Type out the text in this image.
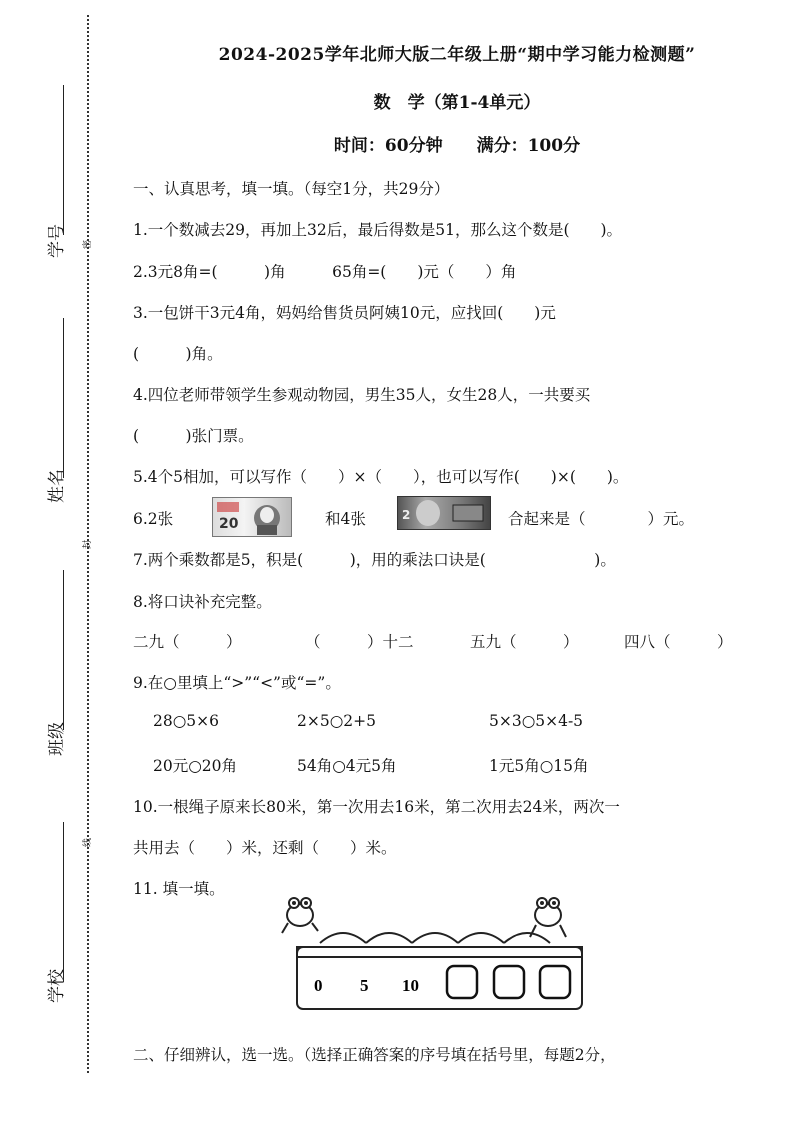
学号
姓名
班级
学校
密
封
线
2024-2025学年北师大版二年级上册“期中学习能力检测题”
数　学（第1-4单元）
时间：60分钟　　满分：100分
一、认真思考，填一填。（每空1分，共29分）
1.一个数减去29，再加上32后，最后得数是51，那么这个数是(　　)。
2.3元8角=(　　　)角　　　65角=(　　)元（　　）角
3.一包饼干3元4角，妈妈给售货员阿姨10元，应找回(　　)元
(　　　)角。
4.四位老师带领学生参观动物园，男生35人，女生28人，一共要买
(　　　)张门票。
5.4个5相加，可以写作（　　）×（　　），也可以写作(　　)×(　　)。
6.2张	20	和4张	2	合起来是（　　　　）元。
7.两个乘数都是5，积是(　　　)，用的乘法口诀是(　　　　　　　)。
8.将口诀补充完整。
二九（　　　）	（　　　）十二	五九（　　　）	四八（　　　）
9.在○里填上“>”“<”或“=”。
28○5×6	2×5○2+5	5×3○5×4-5
20元○20角	54角○4元5角	1元5角○15角
10.一根绳子原来长80米，第一次用去16米，第二次用去24米，两次一
共用去（　　）米，还剩（　　）米。
11. 填一填。
0 5 10
二、仔细辨认，选一选。（选择正确答案的序号填在括号里，每题2分，
